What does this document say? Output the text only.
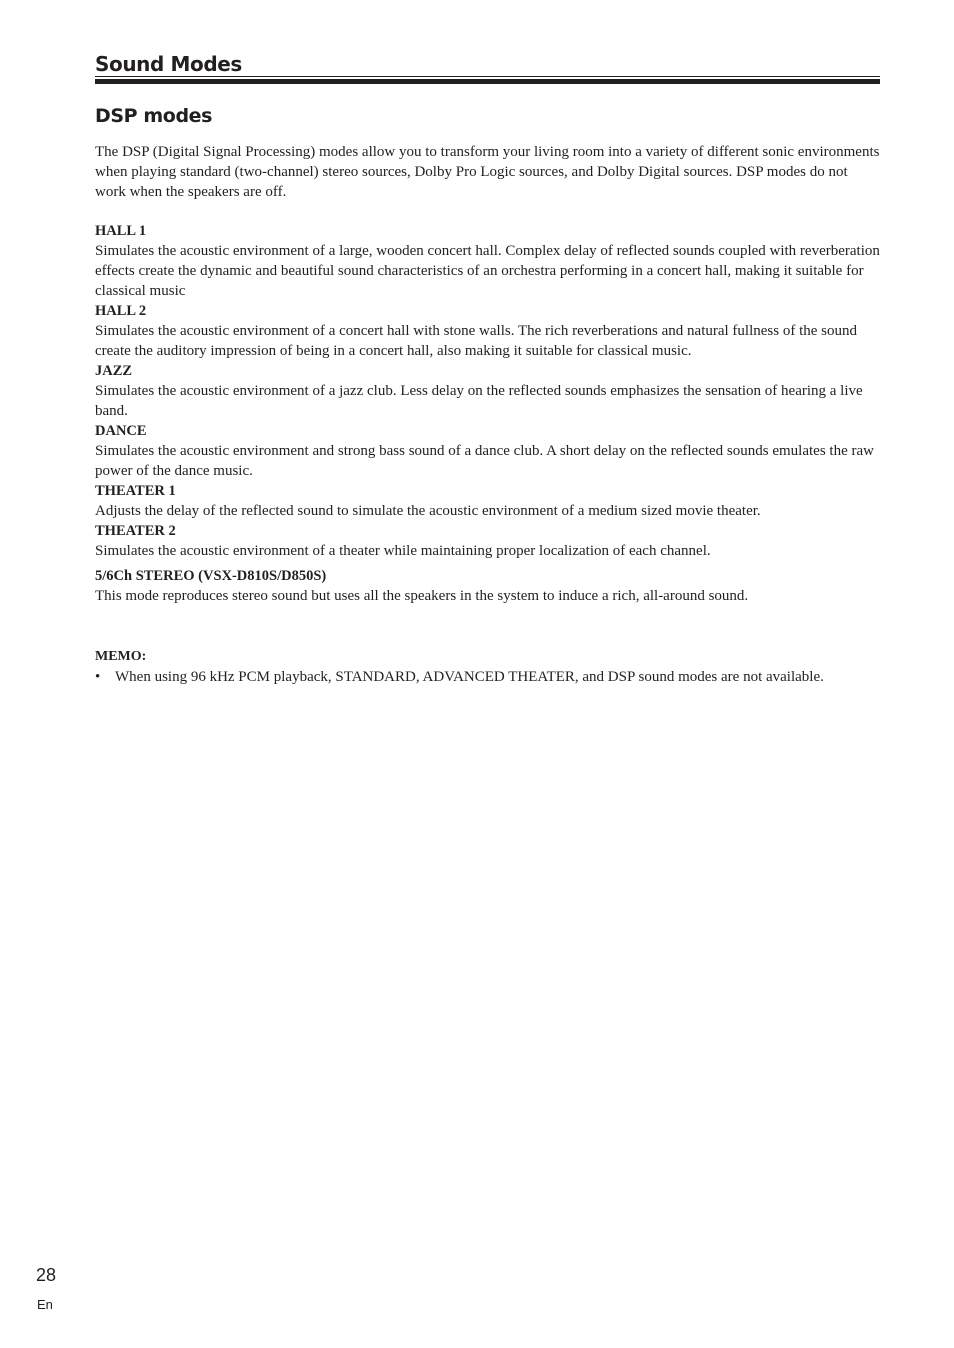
Sound Modes
DSP modes

The DSP (Digital Signal Processing) modes allow you to transform your living room into a variety of different sonic environments when playing standard (two-channel) stereo sources, Dolby Pro Logic sources, and Dolby Digital sources. DSP modes do not work when the speakers are off.

HALL 1

Simulates the acoustic environment of a large, wooden concert hall. Complex delay of reflected sounds coupled with reverberation effects create the dynamic and beautiful sound characteristics of an orchestra performing in a concert hall, making it suitable for classical music

HALL 2

Simulates the acoustic environment of a concert hall with stone walls. The rich reverberations and natural fullness of the sound create the auditory impression of being in a concert hall, also making it suitable for classical music.

JAZZ

Simulates the acoustic environment of a jazz club. Less delay on the reflected sounds emphasizes the sensation of hearing a live band.

DANCE

Simulates the acoustic environment and strong bass sound of a dance club. A short delay on the reflected sounds emulates the raw power of the dance music.

THEATER 1

Adjusts the delay of the reflected sound to simulate the acoustic environment of a medium sized movie theater.

THEATER 2

Simulates the acoustic environment of a theater while maintaining proper localization of each channel.

5/6Ch STEREO (VSX-D810S/D850S)

This mode reproduces stereo sound but uses all the speakers in the system to induce a rich, all-around sound.

MEMO:

• When using 96 kHz PCM playback, STANDARD, ADVANCED THEATER, and DSP sound modes are not available.
28
En
